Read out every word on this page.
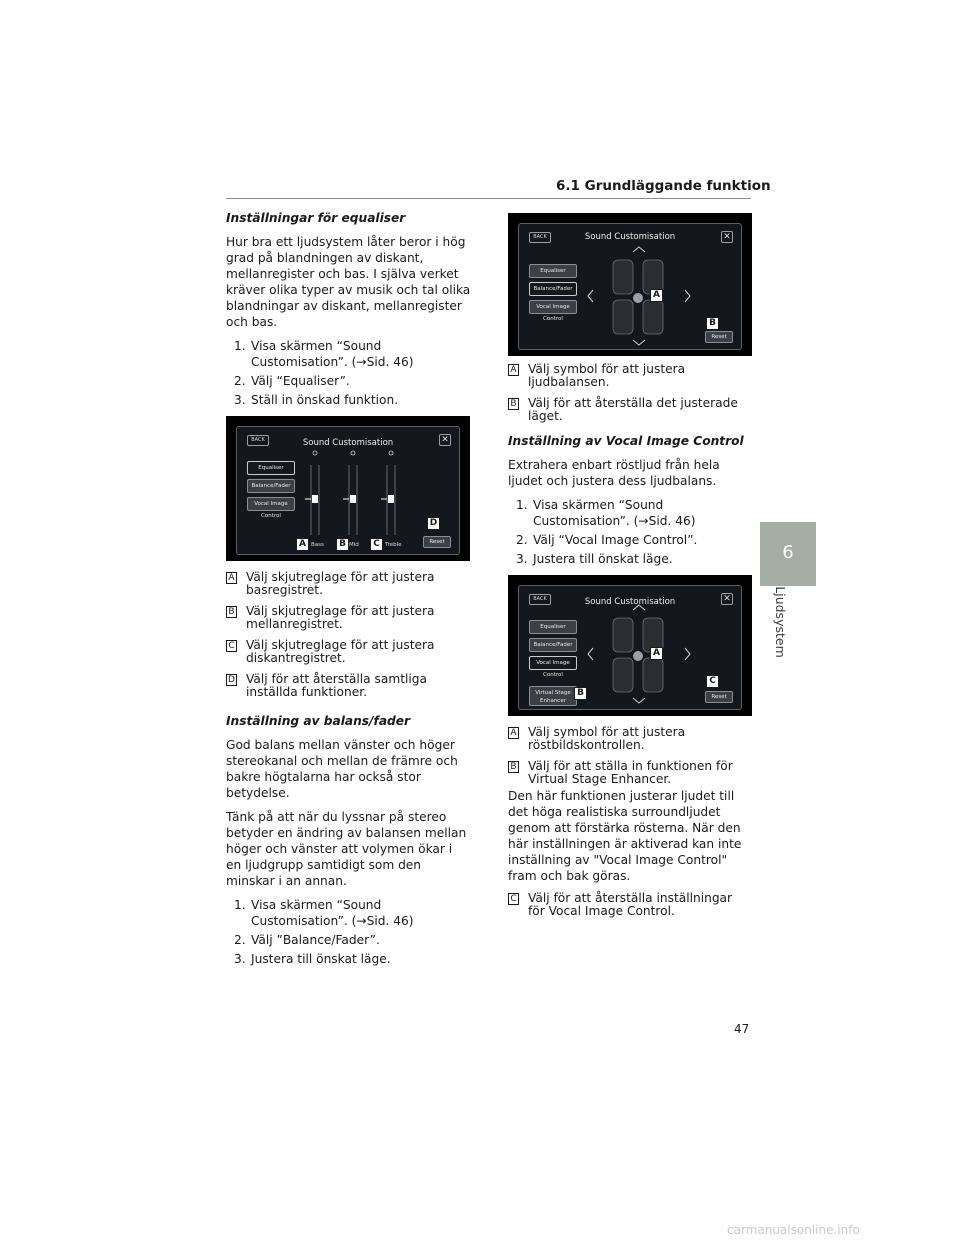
6.1 Grundläggande funktion
6
Ljudsystem
Inställningar för equaliser
Hur bra ett ljudsystem låter beror i hög grad på blandningen av diskant, mellanregister och bas. I själva verket kräver olika typer av musik och tal olika blandningar av diskant, mellanregister och bas.
1. Visa skärmen “Sound Customisation”. (→Sid. 46)
2. Välj “Equaliser”.
3. Ställ in önskad funktion.
BACK	Sound Customisation	✕
Equaliser
Balance/Fader
Vocal Image Control
Bass	Mid	Treble	Reset
A	B	C
D
A Välj skjutreglage för att justera basregistret.
B Välj skjutreglage för att justera mellanregistret.
C Välj skjutreglage för att justera diskantregistret.
D Välj för att återställa samtliga inställda funktioner.
Inställning av balans/fader
God balans mellan vänster och höger stereokanal och mellan de främre och bakre högtalarna har också stor betydelse.
Tänk på att när du lyssnar på stereo betyder en ändring av balansen mellan höger och vänster att volymen ökar i en ljudgrupp samtidigt som den minskar i an annan.
1. Visa skärmen “Sound Customisation”. (→Sid. 46)
2. Välj ”Balance/Fader”.
3. Justera till önskat läge.
BACK	Sound Customisation	✕
Equaliser
Balance/Fader
Vocal Image Control
Reset
A
B
A Välj symbol för att justera ljudbalansen.
B Välj för att återställa det justerade läget.
Inställning av Vocal Image Control
Extrahera enbart röstljud från hela ljudet och justera dess ljudbalans.
1. Visa skärmen “Sound Customisation”. (→Sid. 46)
2. Välj “Vocal Image Control”.
3. Justera till önskat läge.
BACK	Sound Customisation	✕
Equaliser
Balance/Fader
Vocal Image Control
Virtual Stage
Enhancer
Reset
A
B
C
A Välj symbol för att justera röstbildskontrollen.
B Välj för att ställa in funktionen för Virtual Stage Enhancer.
Den här funktionen justerar ljudet till det höga realistiska surroundljudet genom att förstärka rösterna. När den här inställningen är aktiverad kan inte inställning av "Vocal Image Control" fram och bak göras.
C Välj för att återställa inställningar för Vocal Image Control.
47
carmanualsonline.info
